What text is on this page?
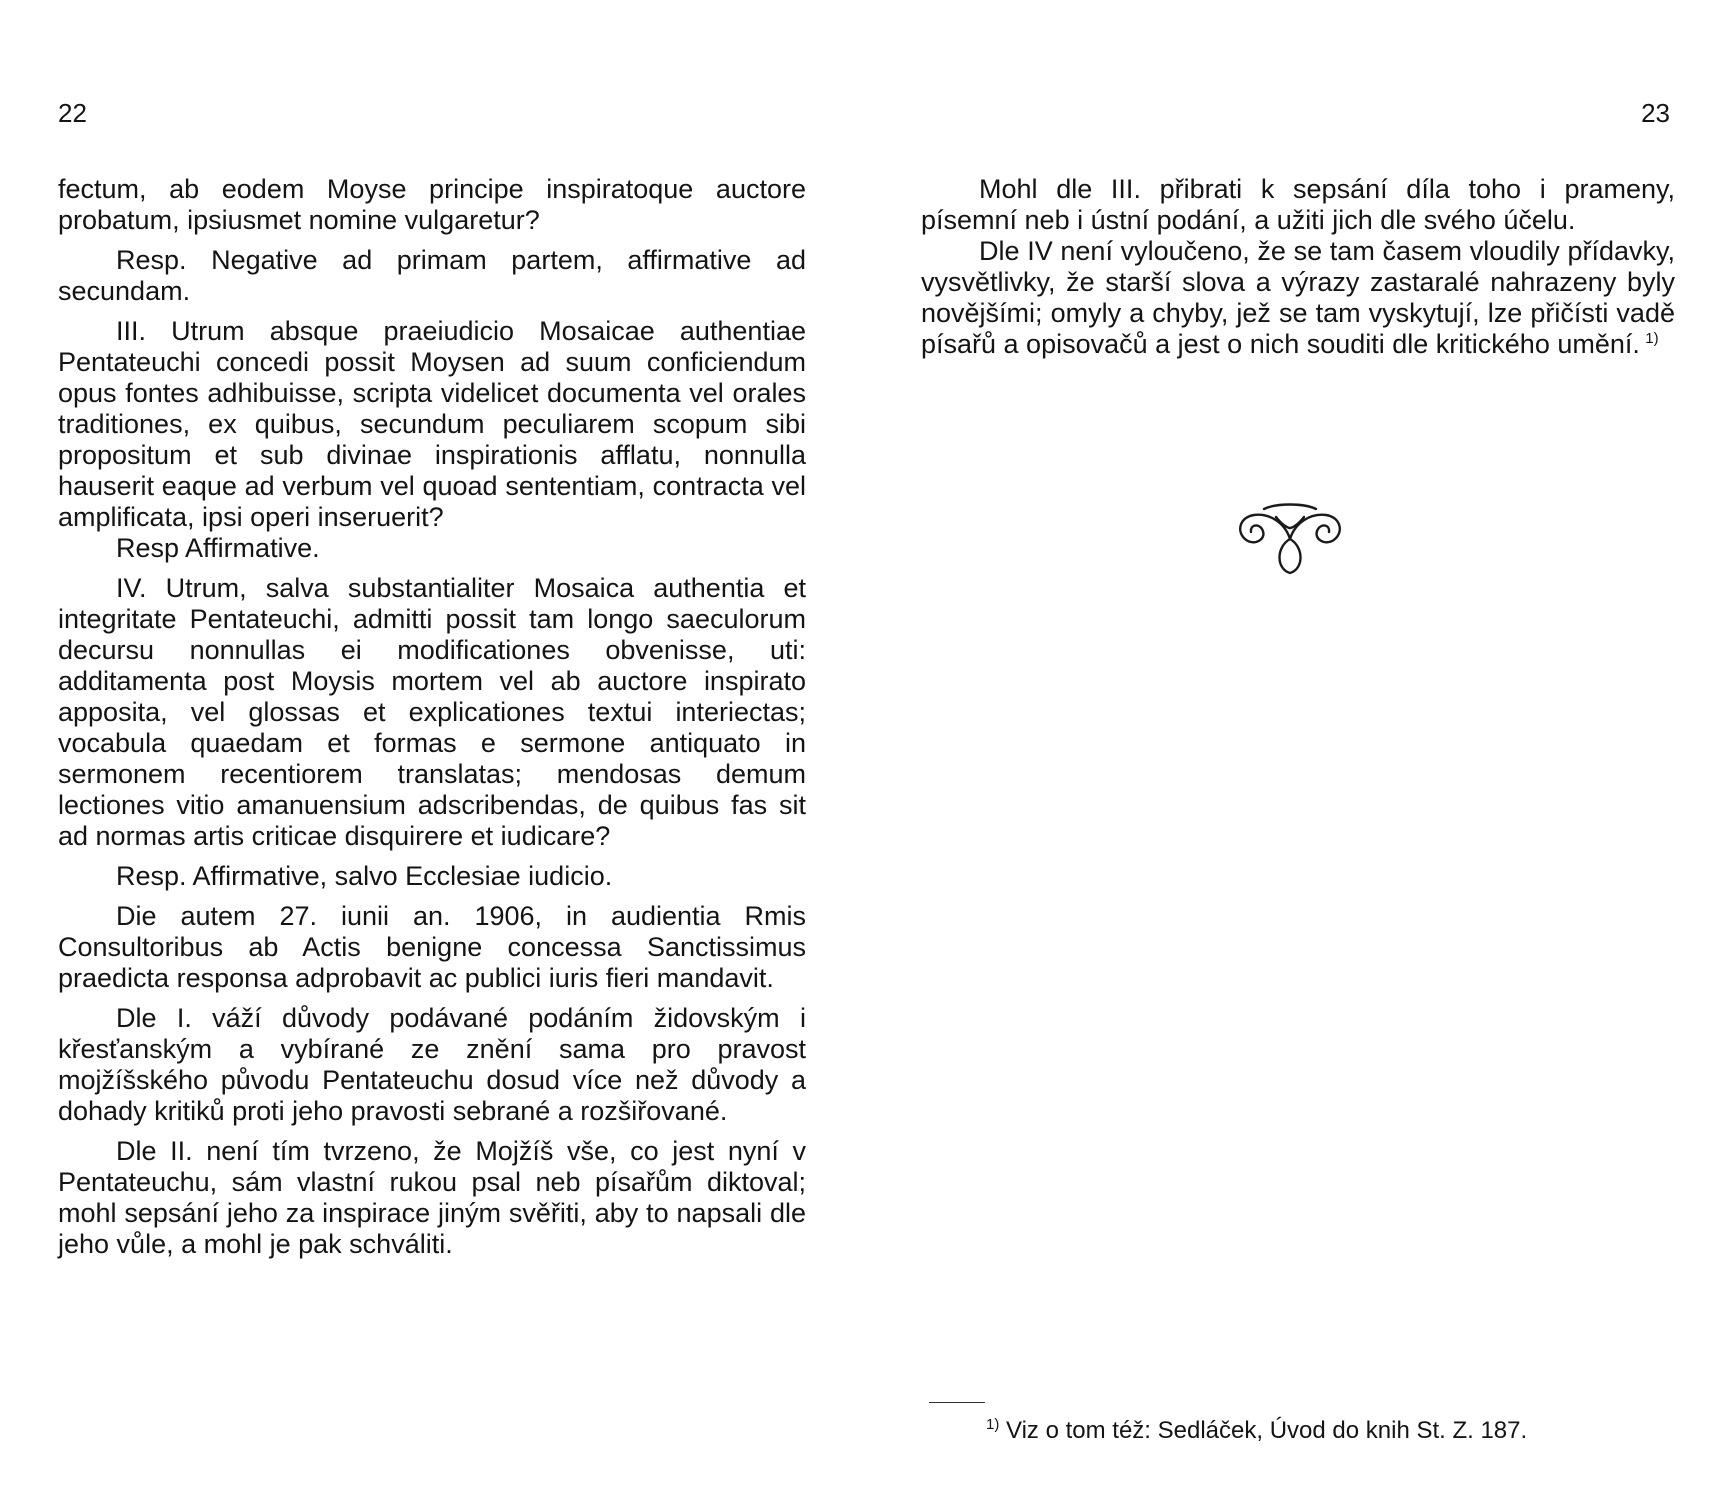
22

fectum, ab eodem Moyse principe inspiratoque auctore probatum, ipsiusmet nomine vulgaretur?

Resp. Negative ad primam partem, affirmative ad secundam.

III. Utrum absque praeiudicio Mosaicae authentiae Pentateuchi concedi possit Moysen ad suum conficiendum opus fontes adhibuisse, scripta videlicet documenta vel orales traditiones, ex quibus, secundum peculiarem scopum sibi propositum et sub divinae inspirationis afflatu, nonnulla hauserit eaque ad verbum vel quoad sententiam, contracta vel amplificata, ipsi operi inseruerit?

Resp Affirmative.

IV. Utrum, salva substantialiter Mosaica authentia et integritate Pentateuchi, admitti possit tam longo saeculorum decursu nonnullas ei modificationes obvenisse, uti: additamenta post Moysis mortem vel ab auctore inspirato apposita, vel glossas et explicationes textui interiectas; vocabula quaedam et formas e sermone antiquato in sermonem recentiorem translatas; mendosas demum lectiones vitio amanuensium adscribendas, de quibus fas sit ad normas artis criticae disquirere et iudicare?

Resp. Affirmative, salvo Ecclesiae iudicio.

Die autem 27. iunii an. 1906, in audientia Rmis Consultoribus ab Actis benigne concessa Sanctissimus praedicta responsa adprobavit ac publici iuris fieri mandavit.

Dle I. váží důvody podávané podáním židovským i křesťanským a vybírané ze znění sama pro pravost mojžíšského původu Pentateuchu dosud více než důvody a dohady kritiků proti jeho pravosti sebrané a rozšiřované.

Dle II. není tím tvrzeno, že Mojžíš vše, co jest nyní v Pentateuchu, sám vlastní rukou psal neb písařům diktoval; mohl sepsání jeho za inspirace jiným svěřiti, aby to napsali dle jeho vůle, a mohl je pak schváliti.

23

Mohl dle III. přibrati k sepsání díla toho i prameny, písemní neb i ústní podání, a užiti jich dle svého účelu.

Dle IV není vyloučeno, že se tam časem vloudily přídavky, vysvětlivky, že starší slova a výrazy zastaralé nahrazeny byly novějšími; omyly a chyby, jež se tam vyskytují, lze přičísti vadě písařů a opisovačů a jest o nich souditi dle kritického umění.  $^{1)}$

$^{1)}$ Viz o tom též: Sedláček, Úvod do knih St. Z. 187.
